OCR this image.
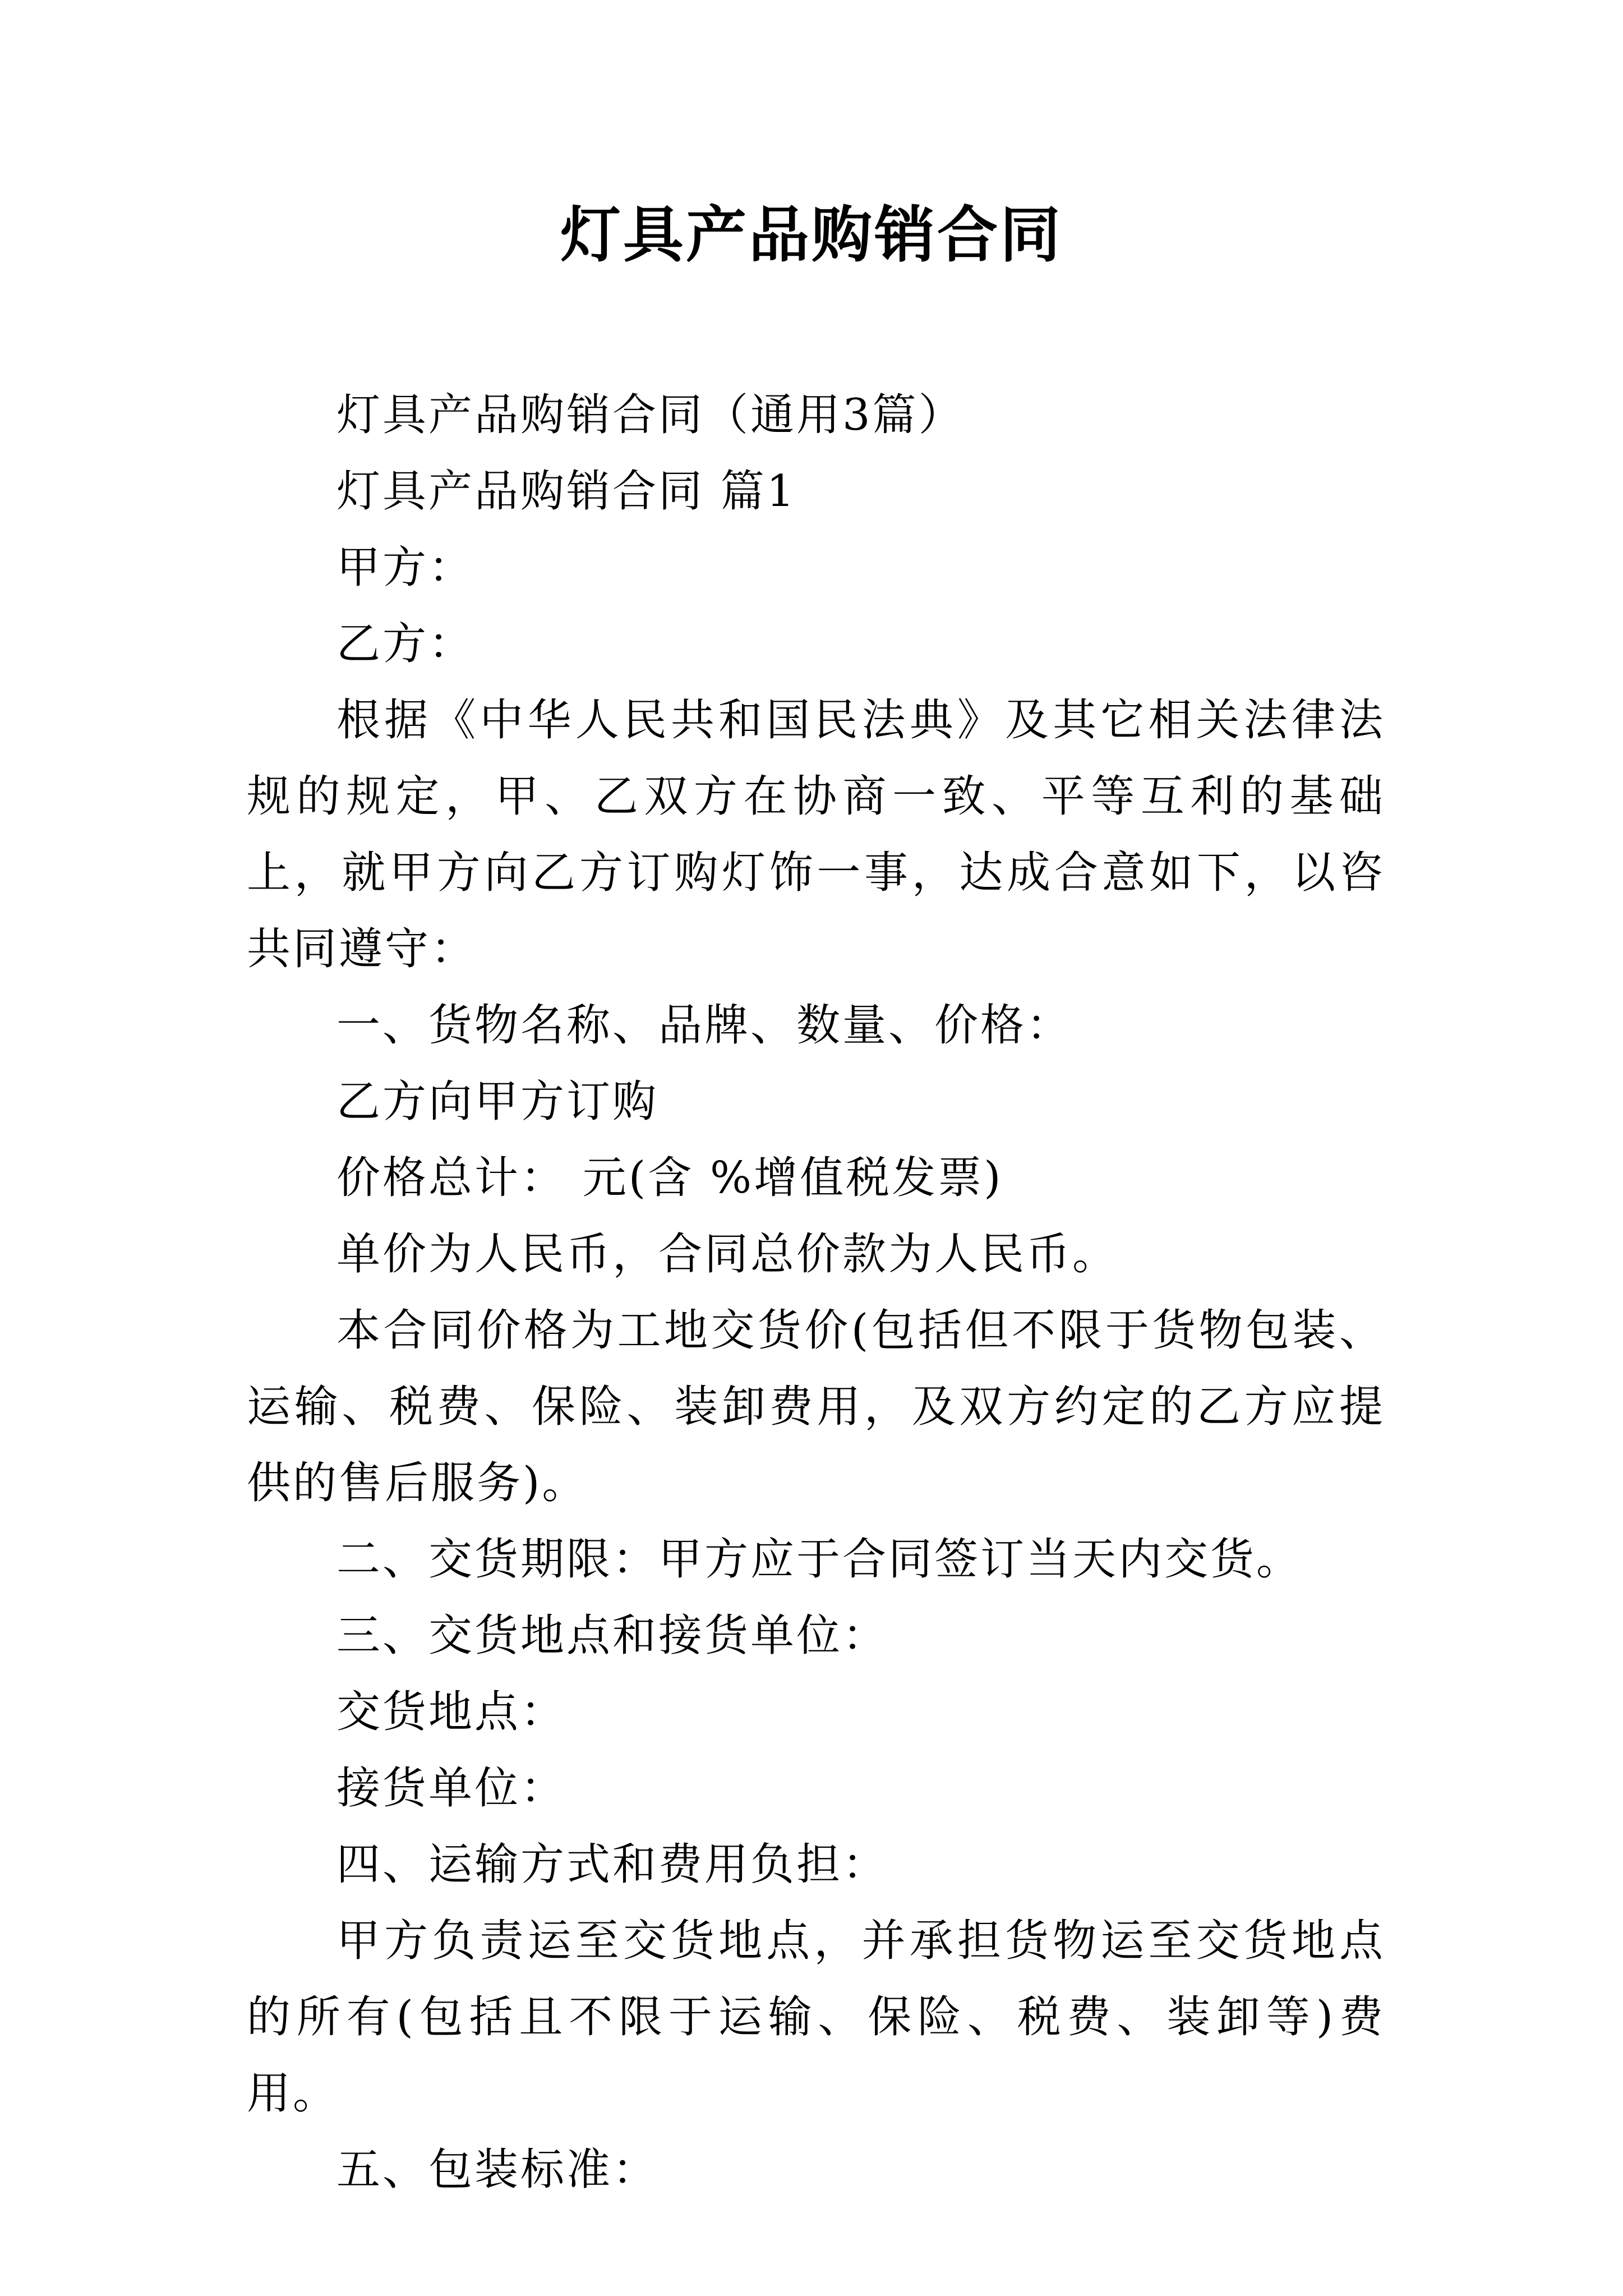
灯具产品购销合同

灯具产品购销合同（通用3篇）

灯具产品购销合同 篇1

甲方：

乙方：

根据《中华人民共和国民法典》及其它相关法律法规的规定，甲、乙双方在协商一致、平等互利的基础上，就甲方向乙方订购灯饰一事，达成合意如下，以咨共同遵守：

一、货物名称、品牌、数量、价格：

乙方向甲方订购

价格总计： 元(含 %增值税发票)

单价为人民币，合同总价款为人民币。

本合同价格为工地交货价(包括但不限于货物包装、运输、税费、保险、装卸费用，及双方约定的乙方应提供的售后服务)。

二、交货期限：甲方应于合同签订当天内交货。

三、交货地点和接货单位：

交货地点：

接货单位：

四、运输方式和费用负担：

甲方负责运至交货地点，并承担货物运至交货地点的所有(包括且不限于运输、保险、税费、装卸等)费用。

五、包装标准：
